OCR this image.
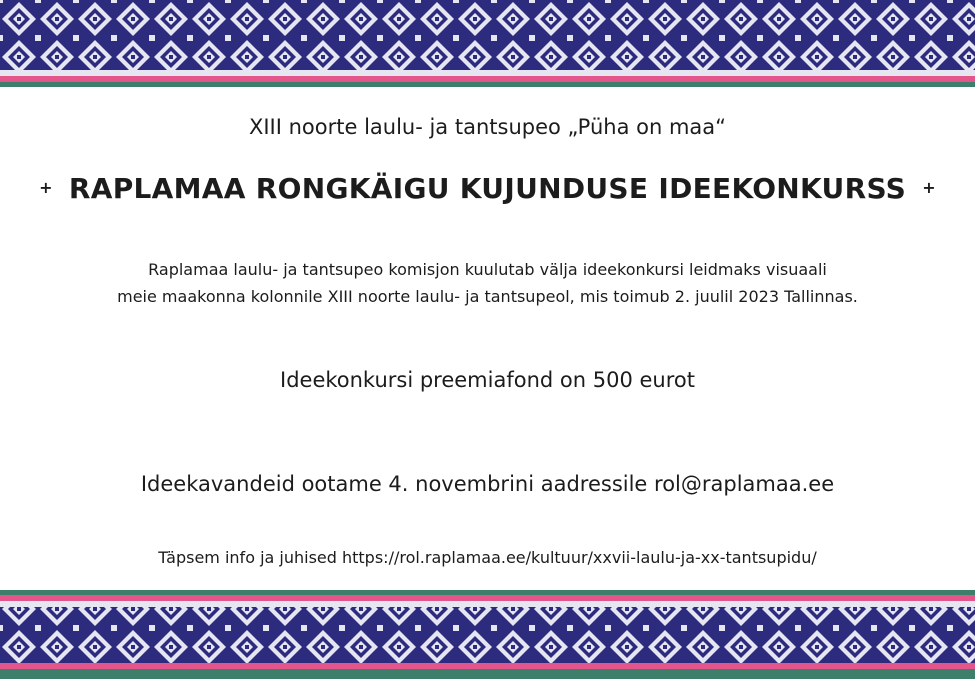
XIII noorte laulu- ja tantsupeo „Püha on maa“
+ RAPLAMAA RONGKÄIGU KUJUNDUSE IDEEKONKURSS +
Raplamaa laulu- ja tantsupeo komisjon kuulutab välja ideekonkursi leidmaks visuaali
meie maakonna kolonnile XIII noorte laulu- ja tantsupeol, mis toimub 2. juulil 2023 Tallinnas.
Ideekonkursi preemiafond on 500 eurot
Ideekavandeid ootame 4. novembrini aadressile rol@raplamaa.ee
Täpsem info ja juhised https://rol.raplamaa.ee/kultuur/xxvii-laulu-ja-xx-tantsupidu/
